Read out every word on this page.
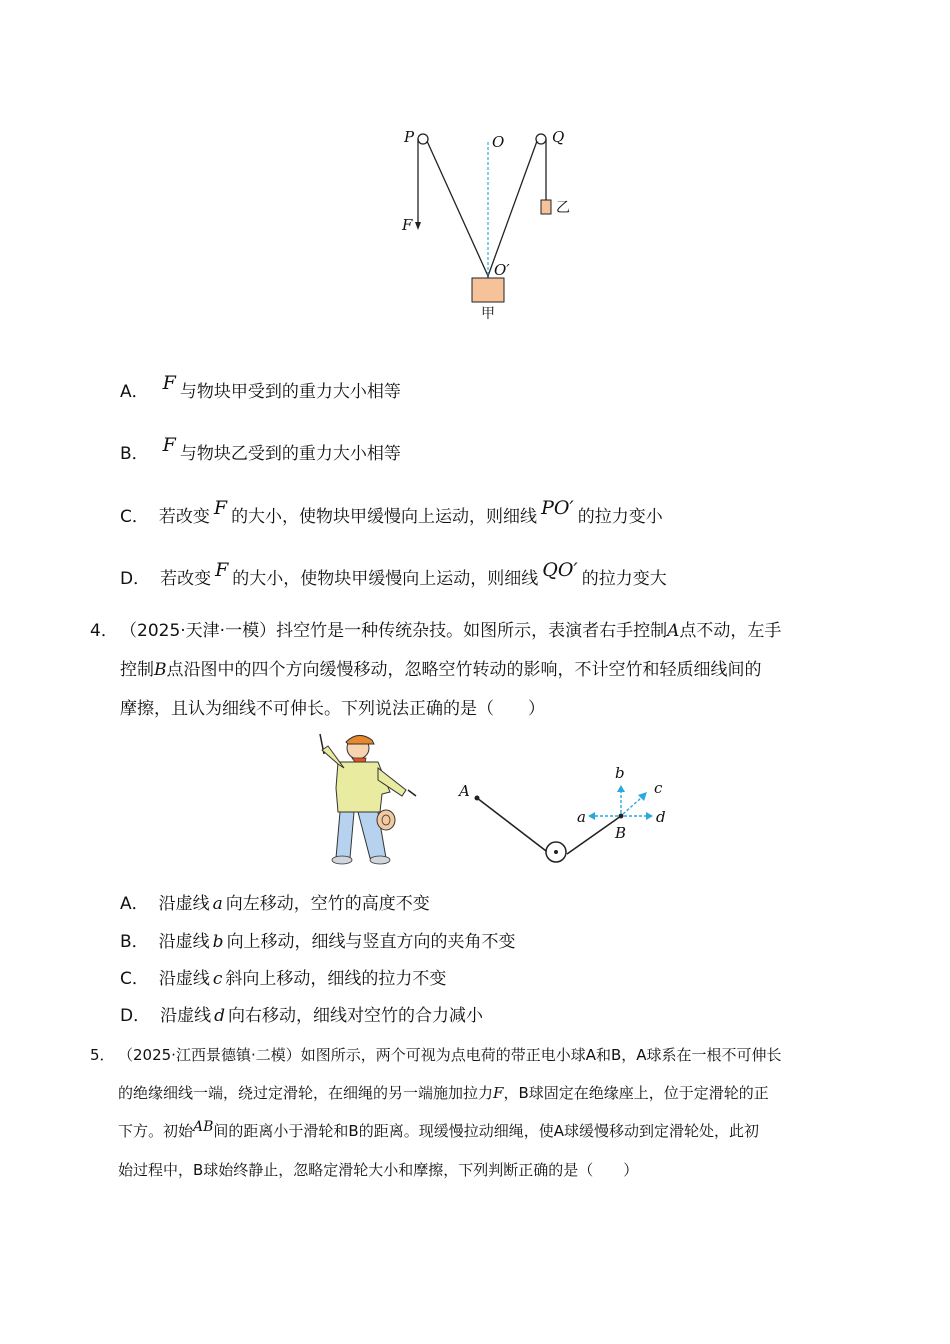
P	O	Q
F
O′
乙
甲
A． F 与物块甲受到的重力大小相等
B． F 与物块乙受到的重力大小相等
C． 若改变 F 的大小，使物块甲缓慢向上运动，则细线 PO′ 的拉力变小
D． 若改变 F 的大小，使物块甲缓慢向上运动，则细线 QO′ 的拉力变大
4． （2025·天津·一模）抖空竹是一种传统杂技。如图所示，表演者右手控制A点不动，左手
控制B点沿图中的四个方向缓慢移动，忽略空竹转动的影响，不计空竹和轻质细线间的
摩擦，且认为细线不可伸长。下列说法正确的是（　　）
A
B
a
b
c
d
A． 沿虚线 a 向左移动，空竹的高度不变
B． 沿虚线 b 向上移动，细线与竖直方向的夹角不变
C． 沿虚线 c 斜向上移动，细线的拉力不变
D． 沿虚线 d 向右移动，细线对空竹的合力减小
5． （2025·江西景德镇·二模）如图所示，两个可视为点电荷的带正电小球A和B，A球系在一根不可伸长
的绝缘细线一端，绕过定滑轮，在细绳的另一端施加拉力F，B球固定在绝缘座上，位于定滑轮的正
下方。初始AB间的距离小于滑轮和B的距离。现缓慢拉动细绳，使A球缓慢移动到定滑轮处，此初
始过程中，B球始终静止，忽略定滑轮大小和摩擦，下列判断正确的是（　　）
